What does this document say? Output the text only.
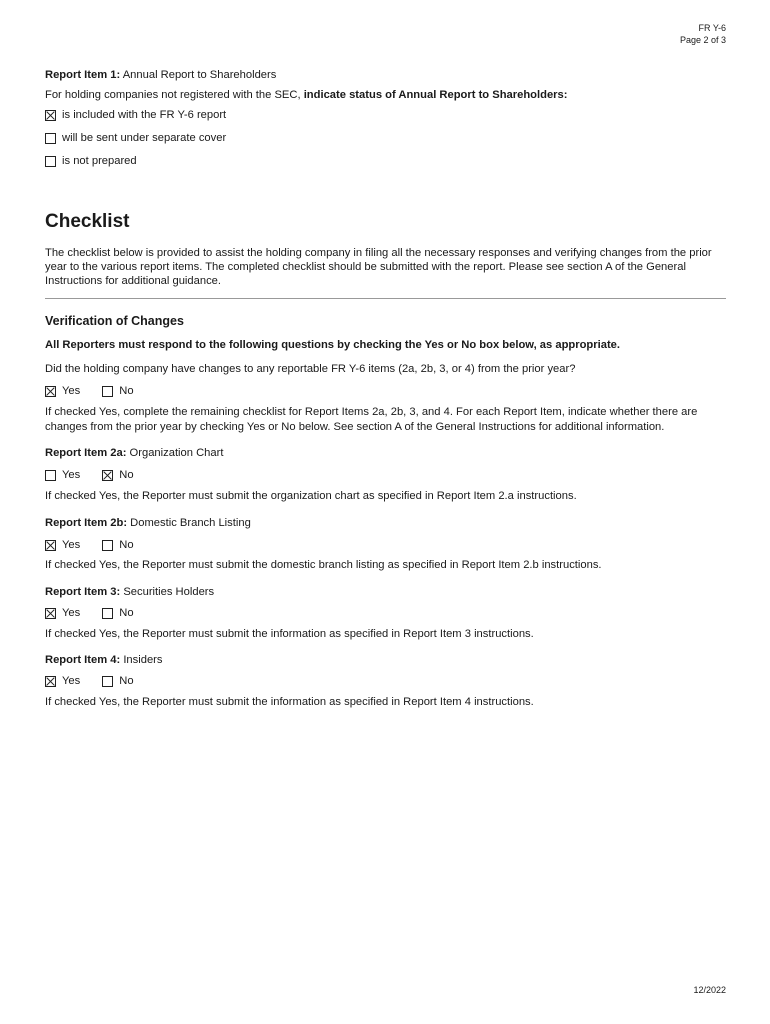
FR Y-6
Page 2 of 3
Report Item 1: Annual Report to Shareholders
For holding companies not registered with the SEC, indicate status of Annual Report to Shareholders:
is included with the FR Y-6 report
will be sent under separate cover
is not prepared
Checklist
The checklist below is provided to assist the holding company in filing all the necessary responses and verifying changes from the prior year to the various report items. The completed checklist should be submitted with the report. Please see section A of the General Instructions for additional guidance.
Verification of Changes
All Reporters must respond to the following questions by checking the Yes or No box below, as appropriate.
Did the holding company have changes to any reportable FR Y-6 items (2a, 2b, 3, or 4) from the prior year?
Yes	No
If checked Yes, complete the remaining checklist for Report Items 2a, 2b, 3, and 4. For each Report Item, indicate whether there are changes from the prior year by checking Yes or No below. See section A of the General Instructions for additional information.
Report Item 2a: Organization Chart
Yes	No
If checked Yes, the Reporter must submit the organization chart as specified in Report Item 2.a instructions.
Report Item 2b: Domestic Branch Listing
Yes	No
If checked Yes, the Reporter must submit the domestic branch listing as specified in Report Item 2.b instructions.
Report Item 3: Securities Holders
Yes	No
If checked Yes, the Reporter must submit the information as specified in Report Item 3 instructions.
Report Item 4: Insiders
Yes	No
If checked Yes, the Reporter must submit the information as specified in Report Item 4 instructions.
12/2022
